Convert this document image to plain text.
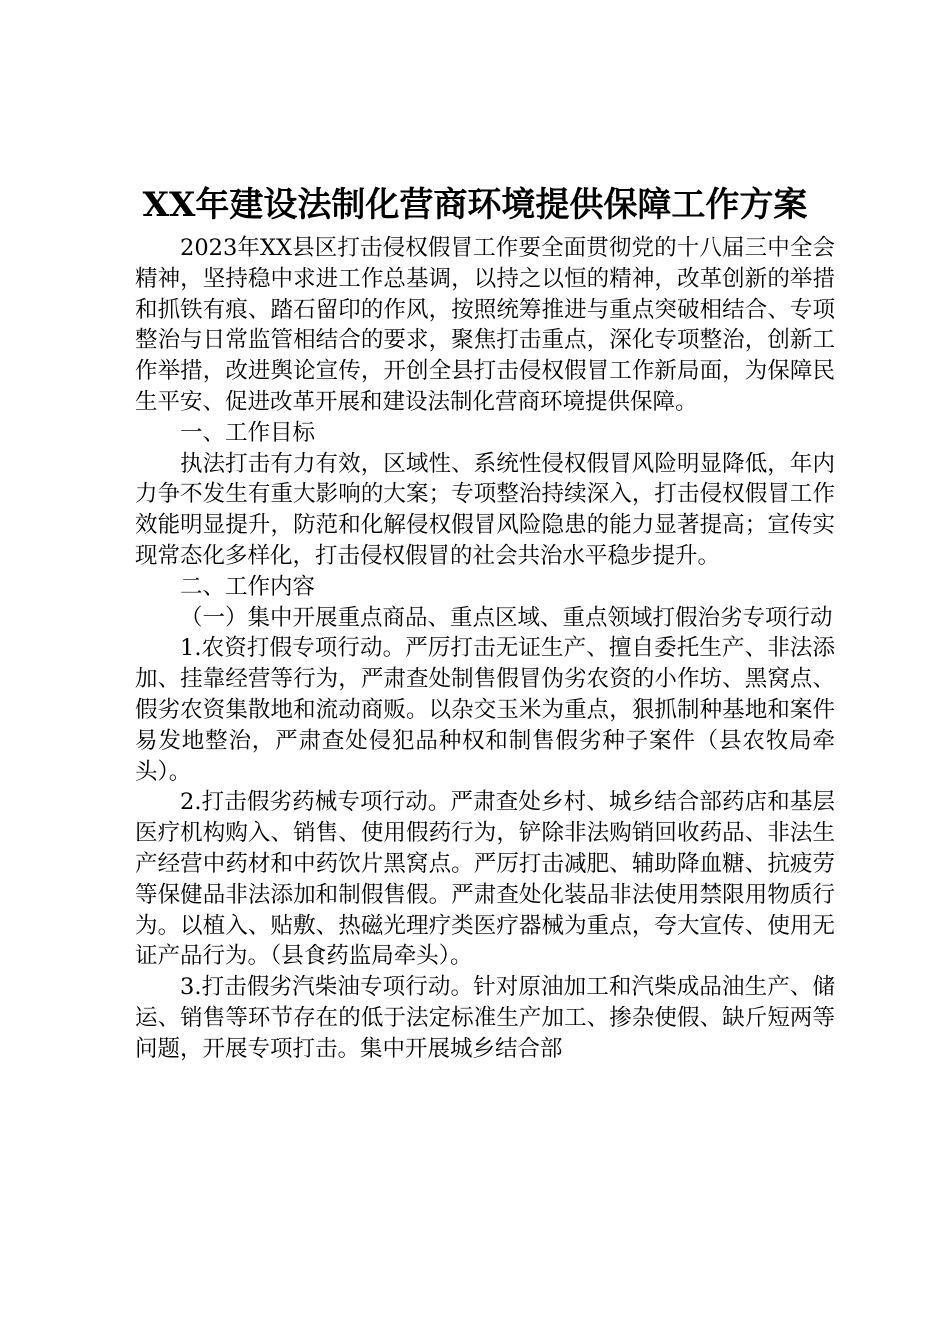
XX年建设法制化营商环境提供保障工作方案

2023年XX县区打击侵权假冒工作要全面贯彻党的十八届三中全会精神，坚持稳中求进工作总基调，以持之以恒的精神，改革创新的举措和抓铁有痕、踏石留印的作风，按照统筹推进与重点突破相结合、专项整治与日常监管相结合的要求，聚焦打击重点，深化专项整治，创新工作举措，改进舆论宣传，开创全县打击侵权假冒工作新局面，为保障民生平安、促进改革开展和建设法制化营商环境提供保障。

一、工作目标

执法打击有力有效，区域性、系统性侵权假冒风险明显降低，年内力争不发生有重大影响的大案；专项整治持续深入，打击侵权假冒工作效能明显提升，防范和化解侵权假冒风险隐患的能力显著提高；宣传实现常态化多样化，打击侵权假冒的社会共治水平稳步提升。

二、工作内容

（一）集中开展重点商品、重点区域、重点领域打假治劣专项行动

1.农资打假专项行动。严厉打击无证生产、擅自委托生产、非法添加、挂靠经营等行为，严肃查处制售假冒伪劣农资的小作坊、黑窝点、假劣农资集散地和流动商贩。以杂交玉米为重点，狠抓制种基地和案件易发地整治，严肃查处侵犯品种权和制售假劣种子案件（县农牧局牵头）。

2.打击假劣药械专项行动。严肃查处乡村、城乡结合部药店和基层医疗机构购入、销售、使用假药行为，铲除非法购销回收药品、非法生产经营中药材和中药饮片黑窝点。严厉打击减肥、辅助降血糖、抗疲劳等保健品非法添加和制假售假。严肃查处化装品非法使用禁限用物质行为。以植入、贴敷、热磁光理疗类医疗器械为重点，夸大宣传、使用无证产品行为。（县食药监局牵头）。

3.打击假劣汽柴油专项行动。针对原油加工和汽柴成品油生产、储运、销售等环节存在的低于法定标准生产加工、掺杂使假、缺斤短两等问题，开展专项打击。集中开展城乡结合部
